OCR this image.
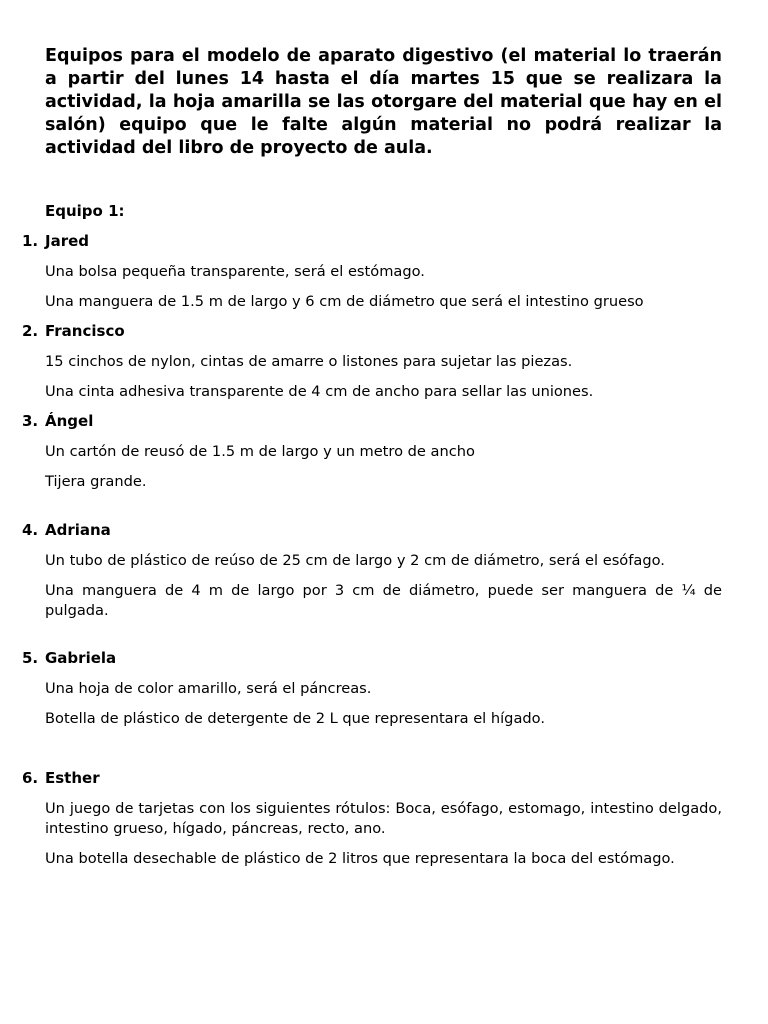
Equipos para el modelo de aparato digestivo (el material lo traerán a partir del lunes 14 hasta el día martes 15 que se realizara la actividad, la hoja amarilla se las otorgare del material que hay en el salón) equipo que le falte algún material no podrá realizar la actividad del libro de proyecto de aula.

Equipo 1:

1. Jared
Una bolsa pequeña transparente, será el estómago.
Una manguera de 1.5 m de largo y 6 cm de diámetro que será el intestino grueso
2. Francisco
15 cinchos de nylon, cintas de amarre o listones para sujetar las piezas.
Una cinta adhesiva transparente de 4 cm de ancho para sellar las uniones.
3. Ángel
Un cartón de reusó de 1.5 m de largo y un metro de ancho
Tijera grande.
4. Adriana
Un tubo de plástico de reúso de 25 cm de largo y 2 cm de diámetro, será el esófago.
Una manguera de 4 m de largo por 3 cm de diámetro, puede ser manguera de ¼ de pulgada.
5. Gabriela
Una hoja de color amarillo, será el páncreas.
Botella de plástico de detergente de 2 L que representara el hígado.
6. Esther
Un juego de tarjetas con los siguientes rótulos: Boca, esófago, estomago, intestino delgado, intestino grueso, hígado, páncreas, recto, ano.
Una botella desechable de plástico de 2 litros que representara la boca del estómago.
